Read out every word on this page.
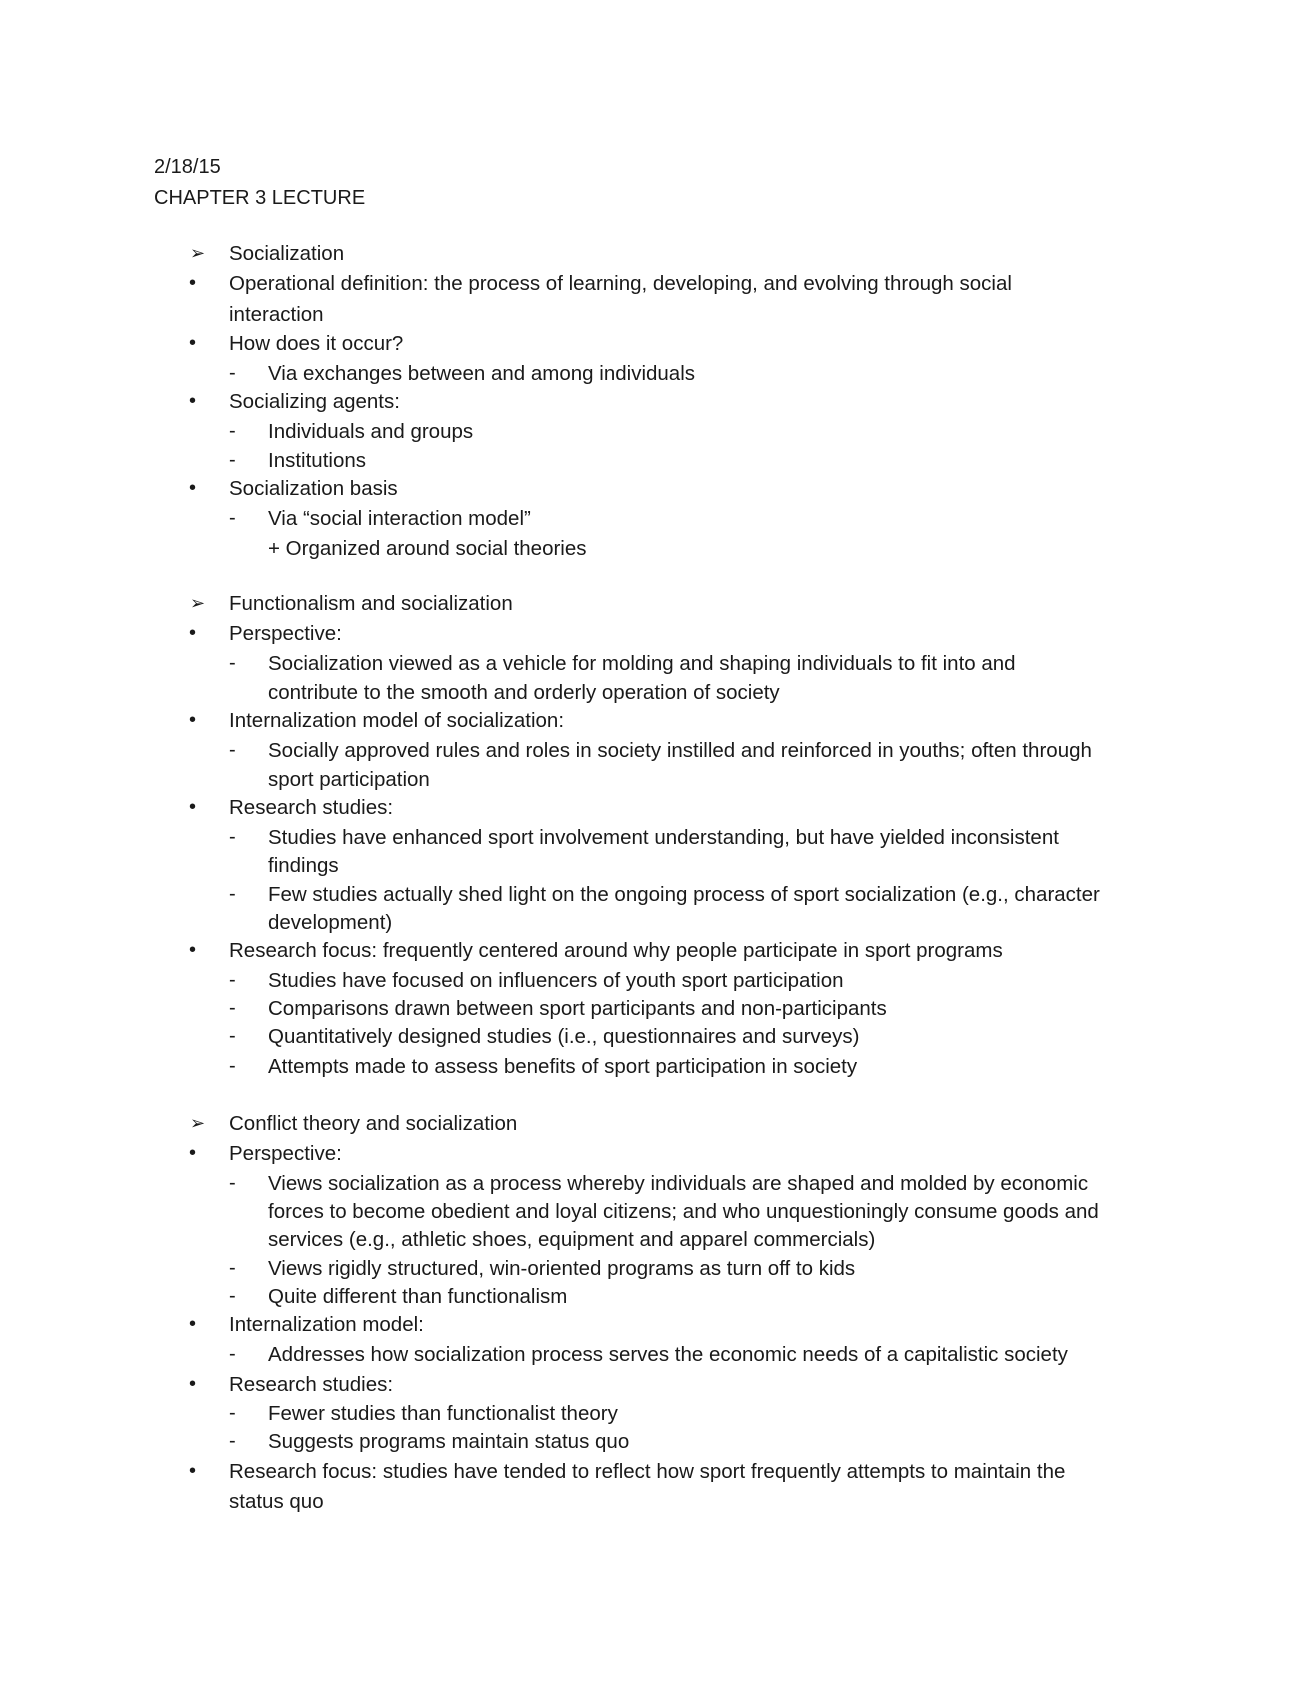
2/18/15
CHAPTER 3 LECTURE
➢ Socialization
• Operational definition: the process of learning, developing, and evolving through social
interaction
• How does it occur?
- Via exchanges between and among individuals
• Socializing agents:
- Individuals and groups
- Institutions
• Socialization basis
- Via “social interaction model”
+ Organized around social theories
➢ Functionalism and socialization
• Perspective:
- Socialization viewed as a vehicle for molding and shaping individuals to fit into and
contribute to the smooth and orderly operation of society
• Internalization model of socialization:
- Socially approved rules and roles in society instilled and reinforced in youths; often through
sport participation
• Research studies:
- Studies have enhanced sport involvement understanding, but have yielded inconsistent
findings
- Few studies actually shed light on the ongoing process of sport socialization (e.g., character
development)
• Research focus: frequently centered around why people participate in sport programs
- Studies have focused on influencers of youth sport participation
- Comparisons drawn between sport participants and non-participants
- Quantitatively designed studies (i.e., questionnaires and surveys)
- Attempts made to assess benefits of sport participation in society
➢ Conflict theory and socialization
• Perspective:
- Views socialization as a process whereby individuals are shaped and molded by economic
forces to become obedient and loyal citizens; and who unquestioningly consume goods and
services (e.g., athletic shoes, equipment and apparel commercials)
- Views rigidly structured, win-oriented programs as turn off to kids
- Quite different than functionalism
• Internalization model:
- Addresses how socialization process serves the economic needs of a capitalistic society
• Research studies:
- Fewer studies than functionalist theory
- Suggests programs maintain status quo
• Research focus: studies have tended to reflect how sport frequently attempts to maintain the
status quo
